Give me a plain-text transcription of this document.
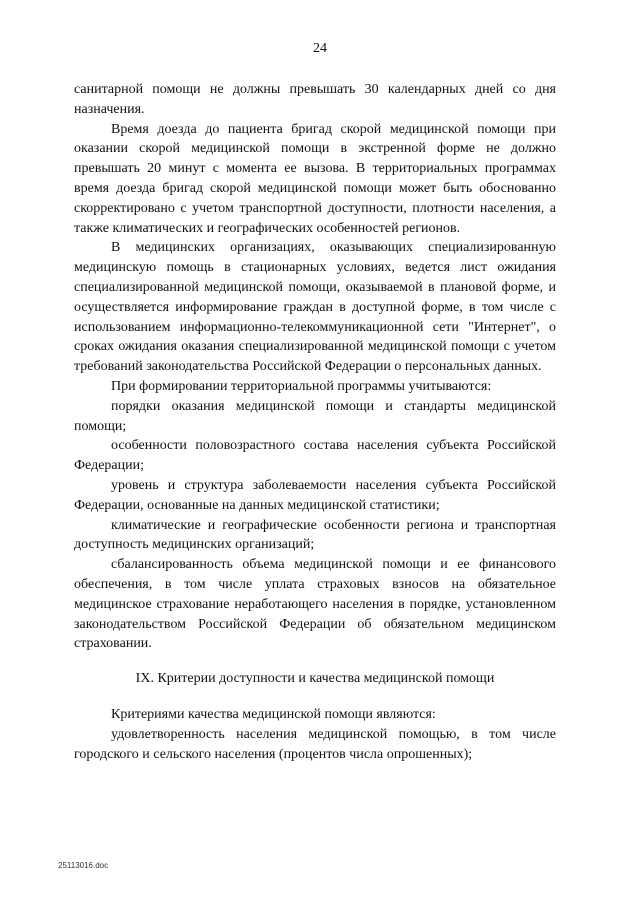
24

санитарной помощи не должны превышать 30 календарных дней со дня назначения.

Время доезда до пациента бригад скорой медицинской помощи при оказании скорой медицинской помощи в экстренной форме не должно превышать 20 минут с момента ее вызова. В территориальных программах время доезда бригад скорой медицинской помощи может быть обоснованно скорректировано с учетом транспортной доступности, плотности населения, а также климатических и географических особенностей регионов.

В медицинских организациях, оказывающих специализированную медицинскую помощь в стационарных условиях, ведется лист ожидания специализированной медицинской помощи, оказываемой в плановой форме, и осуществляется информирование граждан в доступной форме, в том числе с использованием информационно-телекоммуникационной сети "Интернет", о сроках ожидания оказания специализированной медицинской помощи с учетом требований законодательства Российской Федерации о персональных данных.

При формировании территориальной программы учитываются:

порядки оказания медицинской помощи и стандарты медицинской помощи;

особенности половозрастного состава населения субъекта Российской Федерации;

уровень и структура заболеваемости населения субъекта Российской Федерации, основанные на данных медицинской статистики;

климатические и географические особенности региона и транспортная доступность медицинских организаций;

сбалансированность объема медицинской помощи и ее финансового обеспечения, в том числе уплата страховых взносов на обязательное медицинское страхование неработающего населения в порядке, установленном законодательством Российской Федерации об обязательном медицинском страховании.

IX. Критерии доступности и качества медицинской помощи

Критериями качества медицинской помощи являются:

удовлетворенность населения медицинской помощью, в том числе городского и сельского населения (процентов числа опрошенных);

25113016.doc
